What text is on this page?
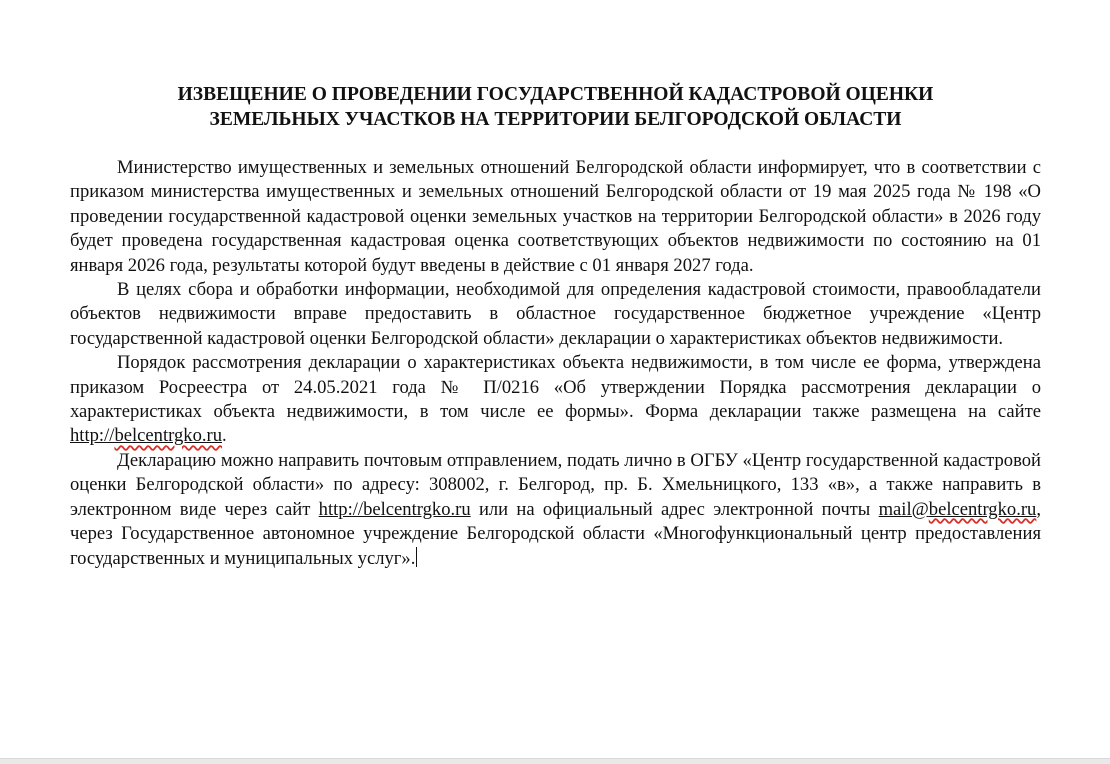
ИЗВЕЩЕНИЕ О ПРОВЕДЕНИИ ГОСУДАРСТВЕННОЙ КАДАСТРОВОЙ ОЦЕНКИ
ЗЕМЕЛЬНЫХ УЧАСТКОВ НА ТЕРРИТОРИИ БЕЛГОРОДСКОЙ ОБЛАСТИ

Министерство имущественных и земельных отношений Белгородской области информирует, что в соответствии с приказом министерства имущественных и земельных отношений Белгородской области от 19 мая 2025 года № 198 «О проведении государственной кадастровой оценки земельных участков на территории Белгородской области» в 2026 году будет проведена государственная кадастровая оценка соответствующих объектов недвижимости по состоянию на 01 января 2026 года, результаты которой будут введены в действие с 01 января 2027 года.

В целях сбора и обработки информации, необходимой для определения кадастровой стоимости, правообладатели объектов недвижимости вправе предоставить в областное государственное бюджетное учреждение «Центр государственной кадастровой оценки Белгородской области» декларации о характеристиках объектов недвижимости.

Порядок рассмотрения декларации о характеристиках объекта недвижимости, в том числе ее форма, утверждена приказом Росреестра от 24.05.2021 года № П/0216 «Об утверждении Порядка рассмотрения декларации о характеристиках объекта недвижимости, в том числе ее формы». Форма декларации также размещена на сайте http://belcentrgko.ru.

Декларацию можно направить почтовым отправлением, подать лично в ОГБУ «Центр государственной кадастровой оценки Белгородской области» по адресу: 308002, г. Белгород, пр. Б. Хмельницкого, 133 «в», а также направить в электронном виде через сайт http://belcentrgko.ru или на официальный адрес электронной почты mail@belcentrgko.ru, через Государственное автономное учреждение Белгородской области «Многофункциональный центр предоставления государственных и муниципальных услуг».
